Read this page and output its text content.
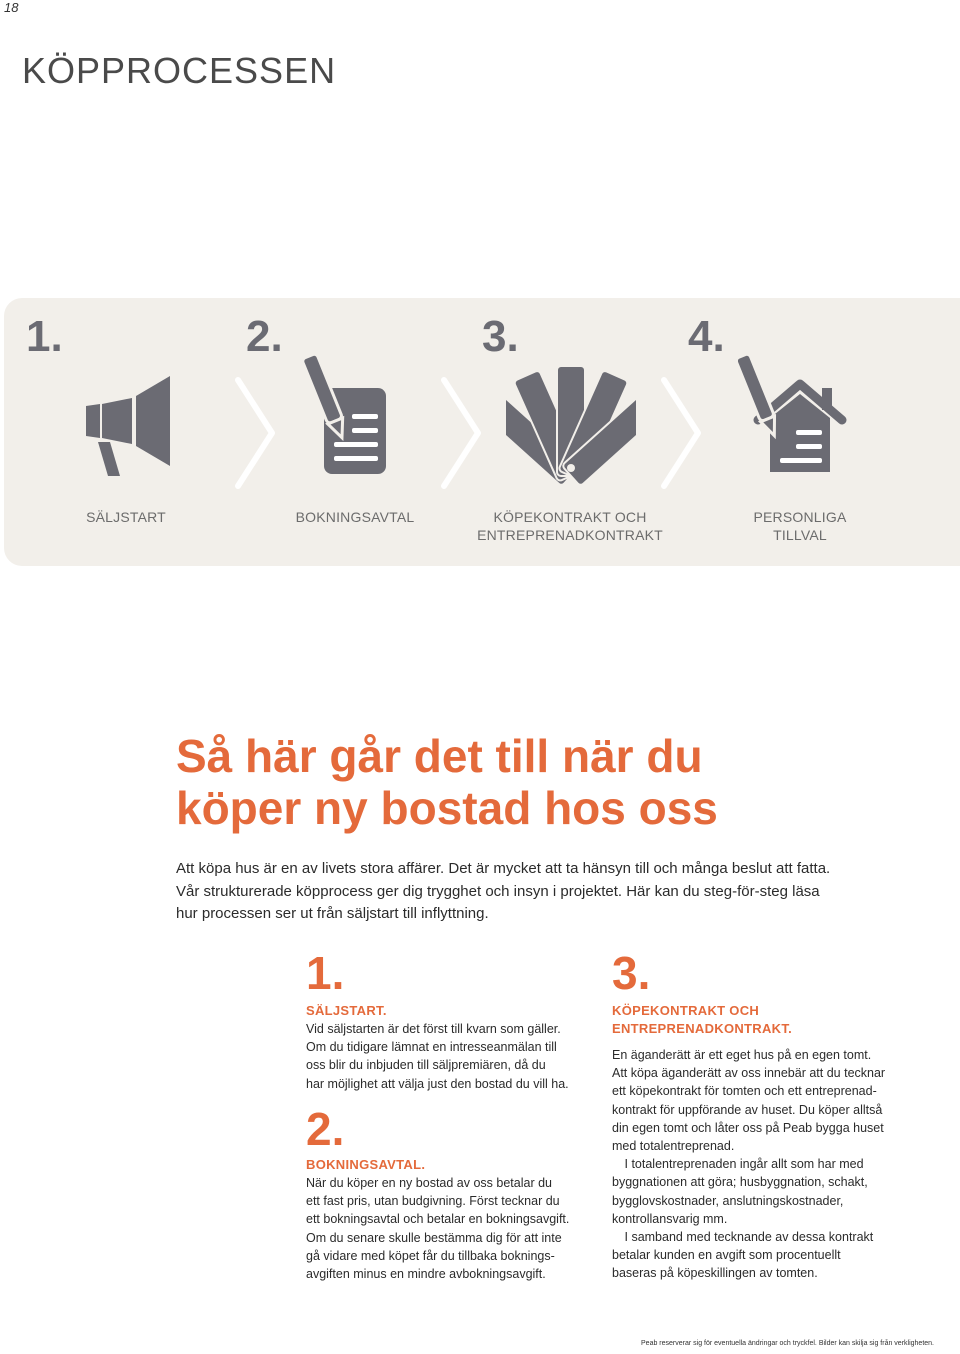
18
KÖPPROCESSEN
1.	2.	3.	4.
SÄLJSTART	BOKNINGSAVTAL	KÖPEKONTRAKT OCH
ENTREPRENADKONTRAKT
PERSONLIGA
TILLVAL
Så här går det till när du
köper ny bostad hos oss
Att köpa hus är en av livets stora affärer. Det är mycket att ta hänsyn till och många beslut att fatta.
Vår strukturerade köpprocess ger dig trygghet och insyn i projektet. Här kan du steg-för-steg läsa
hur processen ser ut från säljstart till inflyttning.
1.
SÄLJSTART.

Vid säljstarten är det först till kvarn som gäller.

Om du tidigare lämnat en intresseanmälan till

oss blir du inbjuden till säljpremiären, då du

har möjlighet att välja just den bostad du vill ha.

2.
BOKNINGSAVTAL.

När du köper en ny bostad av oss betalar du

ett fast pris, utan budgivning. Först tecknar du

ett bokningsavtal och betalar en bokningsavgift.

Om du senare skulle bestämma dig för att inte

gå vidare med köpet får du tillbaka boknings-

avgiften minus en mindre avbokningsavgift.

3.
KÖPEKONTRAKT OCH
ENTREPRENADKONTRAKT.

En äganderätt är ett eget hus på en egen tomt.

Att köpa äganderätt av oss innebär att du tecknar

ett köpekontrakt för tomten och ett entreprenad-

kontrakt för uppförande av huset. Du köper alltså

din egen tomt och låter oss på Peab bygga huset

med totalentreprenad.

 I totalentreprenaden ingår allt som har med

byggnationen att göra; husbyggnation, schakt,

bygglovskostnader, anslutningskostnader,

kontrollansvarig mm.

 I samband med tecknande av dessa kontrakt

betalar kunden en avgift som procentuellt

baseras på köpeskillingen av tomten.

Peab reserverar sig för eventuella ändringar och tryckfel. Bilder kan skilja sig från verkligheten.
